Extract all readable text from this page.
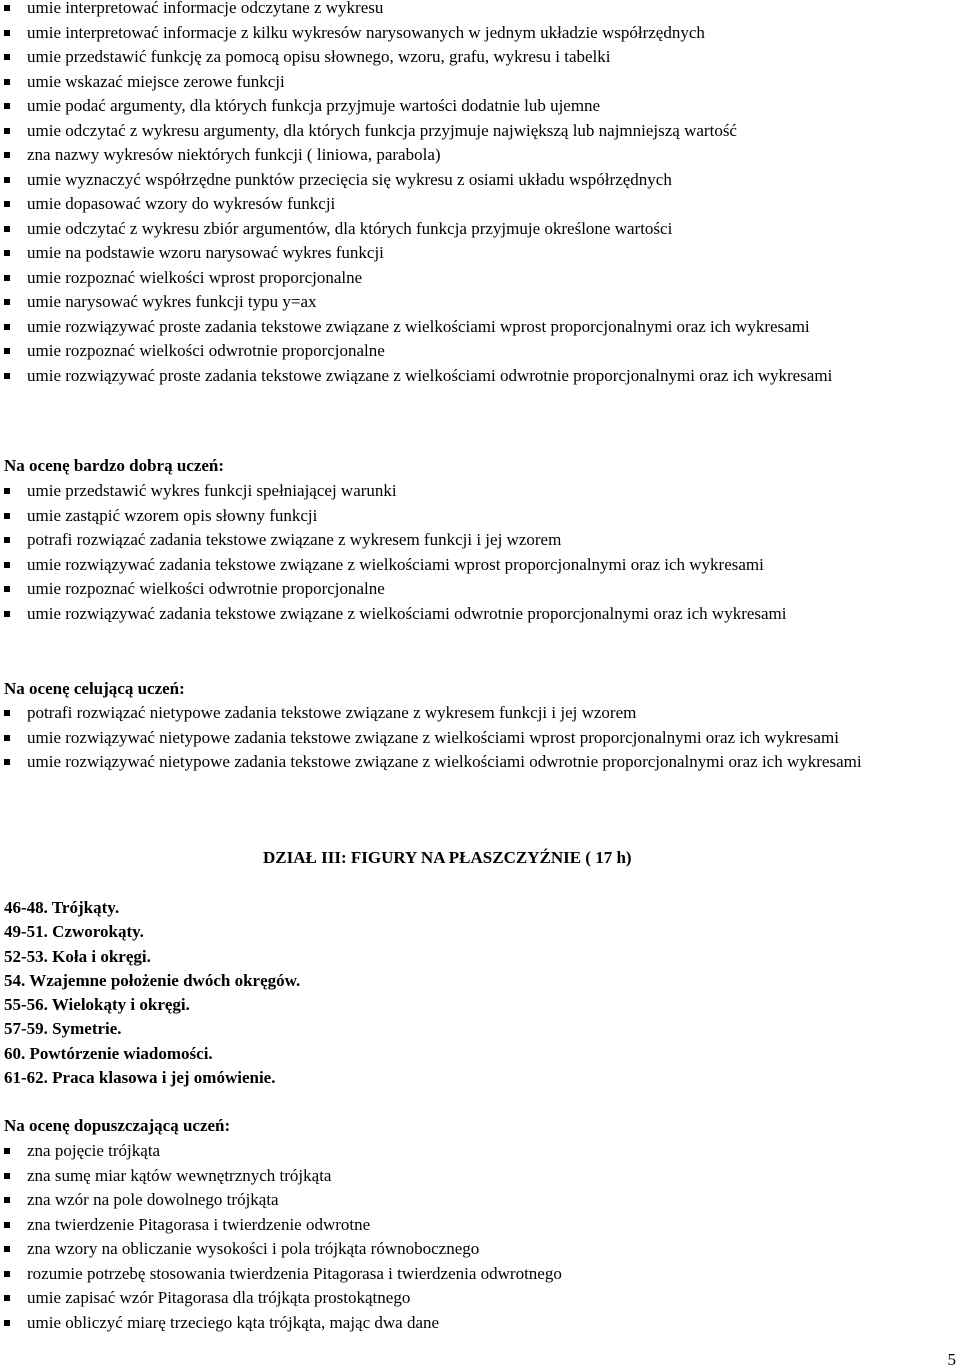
umie interpretować informacje odczytane z wykresu
umie interpretować informacje z kilku wykresów narysowanych w jednym układzie współrzędnych
umie przedstawić funkcję za pomocą opisu słownego, wzoru, grafu, wykresu i tabelki
umie wskazać miejsce zerowe funkcji
umie podać argumenty, dla których funkcja przyjmuje wartości dodatnie lub ujemne
umie odczytać z wykresu argumenty, dla których funkcja przyjmuje największą lub najmniejszą wartość
zna nazwy wykresów niektórych funkcji ( liniowa, parabola)
umie wyznaczyć współrzędne punktów przecięcia się wykresu z osiami układu współrzędnych
umie dopasować wzory do wykresów funkcji
umie odczytać z wykresu zbiór argumentów, dla których funkcja przyjmuje określone wartości
umie na podstawie wzoru narysować wykres funkcji
umie rozpoznać wielkości wprost proporcjonalne
umie narysować wykres funkcji typu y=ax
umie rozwiązywać proste zadania tekstowe związane z wielkościami wprost proporcjonalnymi oraz ich wykresami
umie rozpoznać wielkości odwrotnie proporcjonalne
umie rozwiązywać proste zadania tekstowe związane z wielkościami odwrotnie proporcjonalnymi oraz ich wykresami
Na ocenę bardzo dobrą uczeń:
umie przedstawić wykres funkcji spełniającej warunki
umie zastąpić wzorem opis słowny funkcji
potrafi rozwiązać zadania tekstowe związane z wykresem funkcji i jej wzorem
umie rozwiązywać zadania tekstowe związane z wielkościami wprost proporcjonalnymi oraz ich wykresami
umie rozpoznać wielkości odwrotnie proporcjonalne
umie rozwiązywać zadania tekstowe związane z wielkościami odwrotnie proporcjonalnymi oraz ich wykresami
Na ocenę celującą uczeń:
potrafi rozwiązać nietypowe zadania tekstowe związane z wykresem funkcji i jej wzorem
umie rozwiązywać nietypowe zadania tekstowe związane z wielkościami wprost proporcjonalnymi oraz ich wykresami
umie rozwiązywać nietypowe zadania tekstowe związane z wielkościami odwrotnie proporcjonalnymi oraz ich wykresami
DZIAŁ III: FIGURY NA PŁASZCZYŹNIE ( 17 h)
46-48. Trójkąty.
49-51. Czworokąty.
52-53. Koła i okręgi.
54. Wzajemne położenie dwóch okręgów.
55-56. Wielokąty i okręgi.
57-59. Symetrie.
60. Powtórzenie wiadomości.
61-62. Praca klasowa i jej omówienie.
Na ocenę dopuszczającą uczeń:
zna pojęcie trójkąta
zna sumę miar kątów wewnętrznych trójkąta
zna wzór na pole dowolnego trójkąta
zna twierdzenie Pitagorasa i twierdzenie odwrotne
zna wzory na obliczanie wysokości i pola trójkąta równobocznego
rozumie potrzebę stosowania twierdzenia Pitagorasa i twierdzenia odwrotnego
umie zapisać wzór Pitagorasa dla trójkąta prostokątnego
umie obliczyć miarę trzeciego kąta trójkąta, mając dwa dane
5
